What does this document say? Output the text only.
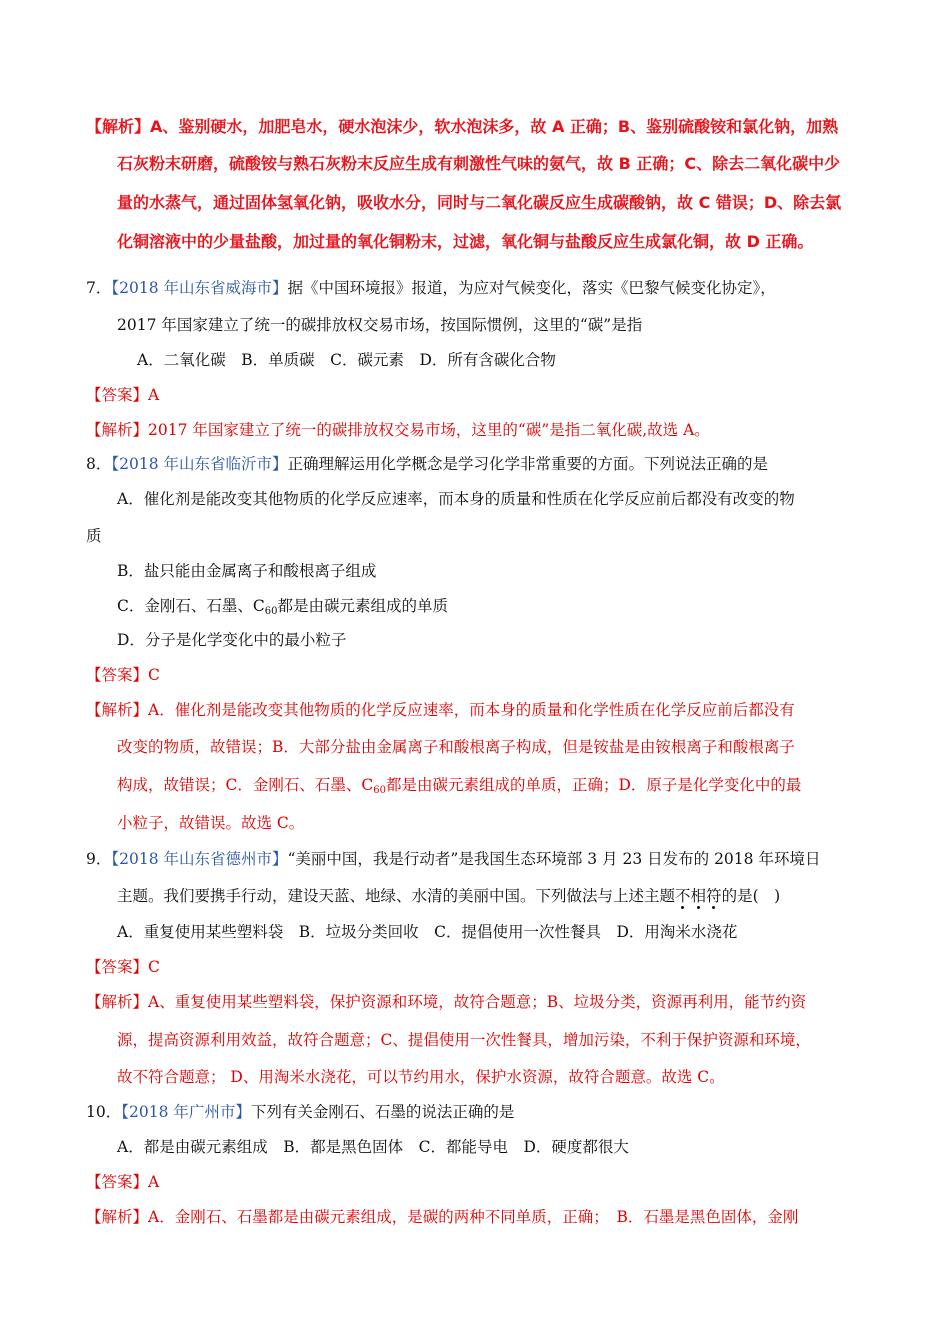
【解析】A、鉴别硬水，加肥皂水，硬水泡沫少，软水泡沫多，故 A 正确；B、鉴别硫酸铵和氯化钠，加熟
石灰粉末研磨，硫酸铵与熟石灰粉末反应生成有刺激性气味的氨气，故 B 正确；C、除去二氧化碳中少
量的水蒸气，通过固体氢氧化钠，吸收水分，同时与二氧化碳反应生成碳酸钠，故 C 错误；D、除去氯
化铜溶液中的少量盐酸，加过量的氧化铜粉末，过滤，氧化铜与盐酸反应生成氯化铜，故 D 正确。
7．【2018 年山东省威海市】据《中国环境报》报道，为应对气候变化，落实《巴黎气候变化协定》，
2017 年国家建立了统一的碳排放权交易市场，按国际惯例，这里的“碳”是指
A．二氧化碳　B．单质碳　C．碳元素　D．所有含碳化合物
【答案】A
【解析】2017 年国家建立了统一的碳排放权交易市场，这里的“碳”是指二氧化碳,故选 A。
8．【2018 年山东省临沂市】正确理解运用化学概念是学习化学非常重要的方面。下列说法正确的是
A．催化剂是能改变其他物质的化学反应速率，而本身的质量和性质在化学反应前后都没有改变的物
质
B．盐只能由金属离子和酸根离子组成
C．金刚石、石墨、$C_{60}$都是由碳元素组成的单质
D．分子是化学变化中的最小粒子
【答案】C
【解析】A．催化剂是能改变其他物质的化学反应速率，而本身的质量和化学性质在化学反应前后都没有
改变的物质，故错误；B．大部分盐由金属离子和酸根离子构成，但是铵盐是由铵根离子和酸根离子
构成，故错误；C．金刚石、石墨、$C_{60}$都是由碳元素组成的单质，正确；D．原子是化学变化中的最
小粒子，故错误。故选 C。
9．【2018 年山东省德州市】“美丽中国，我是行动者”是我国生态环境部 3 月 23 日发布的 2018 年环境日
主题。我们要携手行动，建设天蓝、地绿、水清的美丽中国。下列做法与上述主题不相符的是(　)
A．重复使用某些塑料袋　B．垃圾分类回收　C．提倡使用一次性餐具　D．用淘米水浇花
【答案】C
【解析】A、重复使用某些塑料袋，保护资源和环境，故符合题意；B、垃圾分类，资源再利用，能节约资
源，提高资源利用效益，故符合题意；C、提倡使用一次性餐具，增加污染，不利于保护资源和环境，
故不符合题意； D、用淘米水浇花，可以节约用水，保护水资源，故符合题意。故选 C。
10．【2018 年广州市】下列有关金刚石、石墨的说法正确的是
A．都是由碳元素组成　B．都是黑色固体　C．都能导电　D．硬度都很大
【答案】A
【解析】A．金刚石、石墨都是由碳元素组成，是碳的两种不同单质，正确；　B．石墨是黑色固体，金刚
